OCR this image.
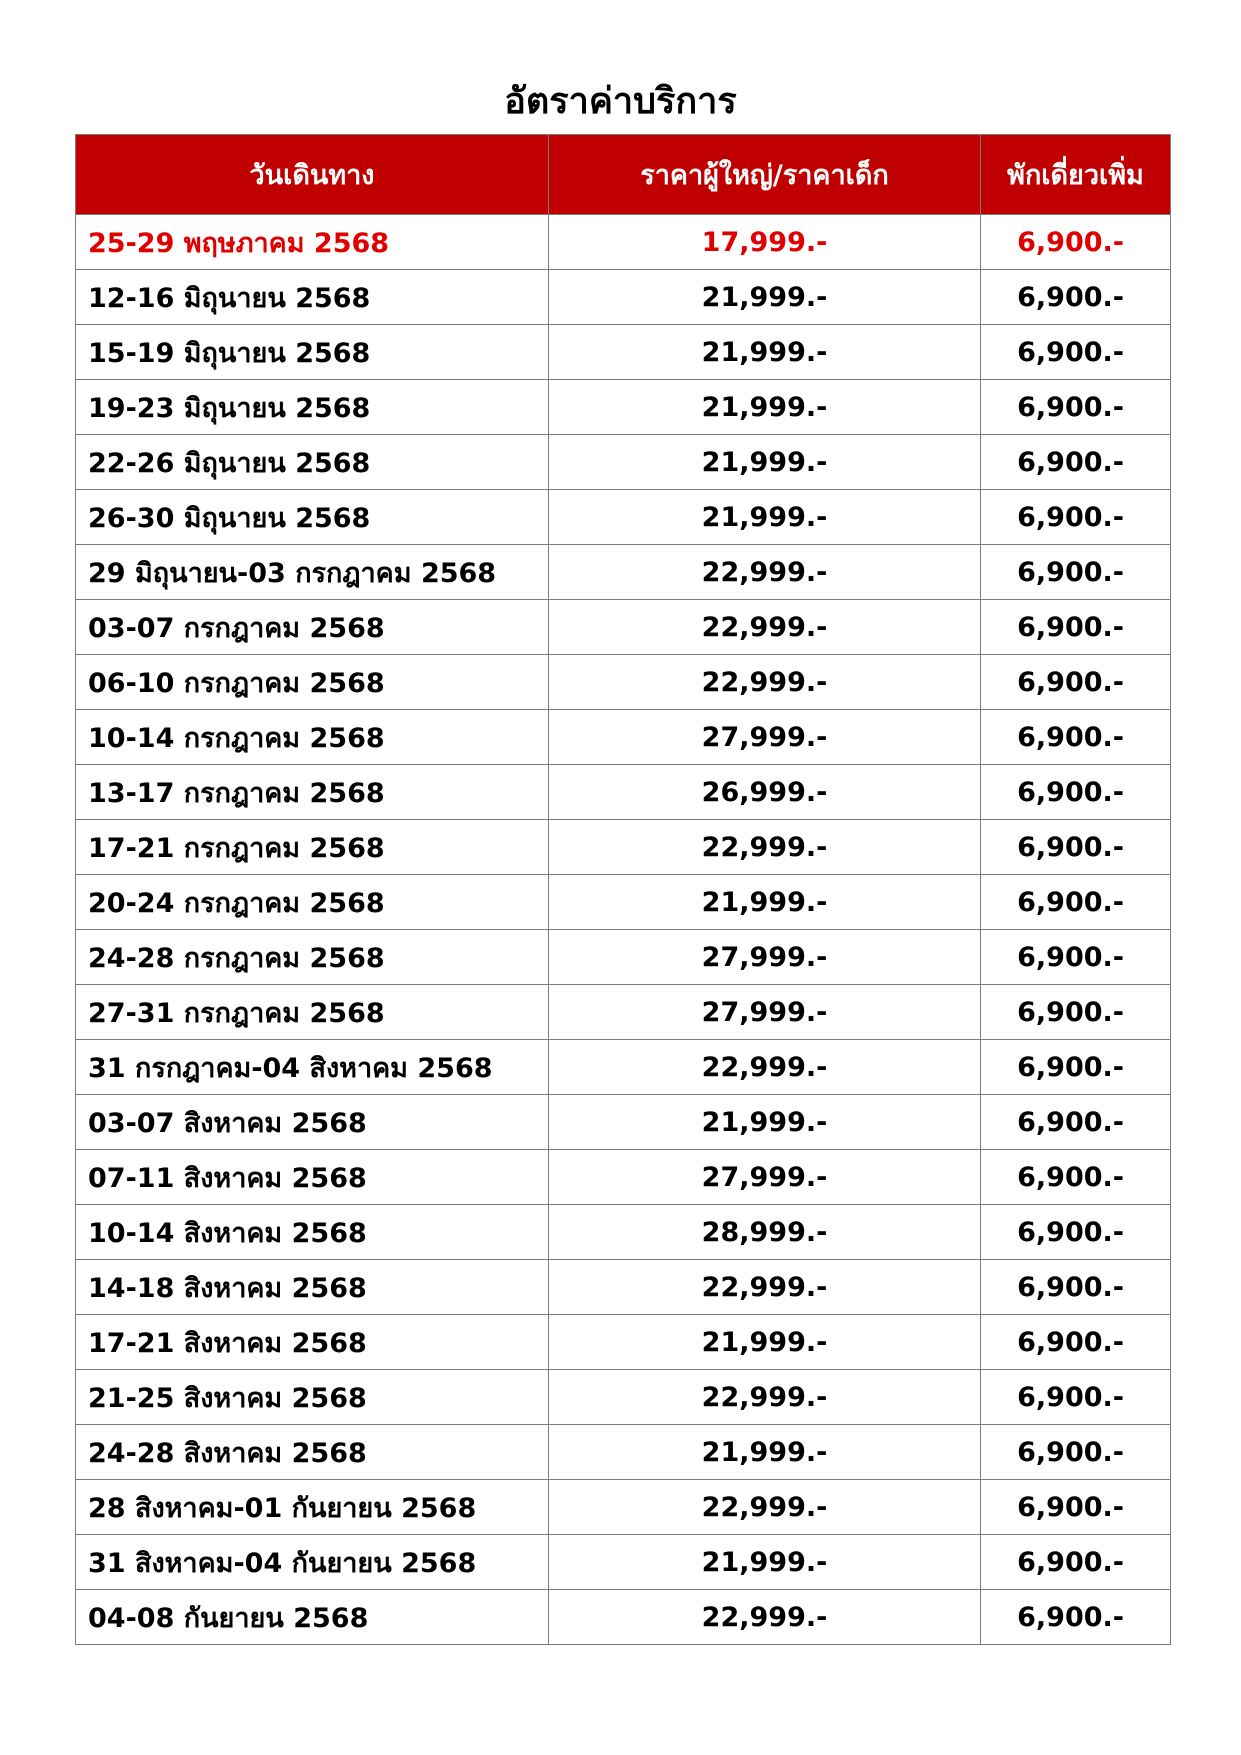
อัตราค่าบริการ
วันเดินทาง	ราคาผู้ใหญ่/ราคาเด็ก	พักเดี่ยวเพิ่ม
25-29 พฤษภาคม 2568	17,999.-	6,900.-
12-16 มิถุนายน 2568	21,999.-	6,900.-
15-19 มิถุนายน 2568	21,999.-	6,900.-
19-23 มิถุนายน 2568	21,999.-	6,900.-
22-26 มิถุนายน 2568	21,999.-	6,900.-
26-30 มิถุนายน 2568	21,999.-	6,900.-
29 มิถุนายน-03 กรกฎาคม 2568	22,999.-	6,900.-
03-07 กรกฎาคม 2568	22,999.-	6,900.-
06-10 กรกฎาคม 2568	22,999.-	6,900.-
10-14 กรกฎาคม 2568	27,999.-	6,900.-
13-17 กรกฎาคม 2568	26,999.-	6,900.-
17-21 กรกฎาคม 2568	22,999.-	6,900.-
20-24 กรกฎาคม 2568	21,999.-	6,900.-
24-28 กรกฎาคม 2568	27,999.-	6,900.-
27-31 กรกฎาคม 2568	27,999.-	6,900.-
31 กรกฎาคม-04 สิงหาคม 2568	22,999.-	6,900.-
03-07 สิงหาคม 2568	21,999.-	6,900.-
07-11 สิงหาคม 2568	27,999.-	6,900.-
10-14 สิงหาคม 2568	28,999.-	6,900.-
14-18 สิงหาคม 2568	22,999.-	6,900.-
17-21 สิงหาคม 2568	21,999.-	6,900.-
21-25 สิงหาคม 2568	22,999.-	6,900.-
24-28 สิงหาคม 2568	21,999.-	6,900.-
28 สิงหาคม-01 กันยายน 2568	22,999.-	6,900.-
31 สิงหาคม-04 กันยายน 2568	21,999.-	6,900.-
04-08 กันยายน 2568	22,999.-	6,900.-
